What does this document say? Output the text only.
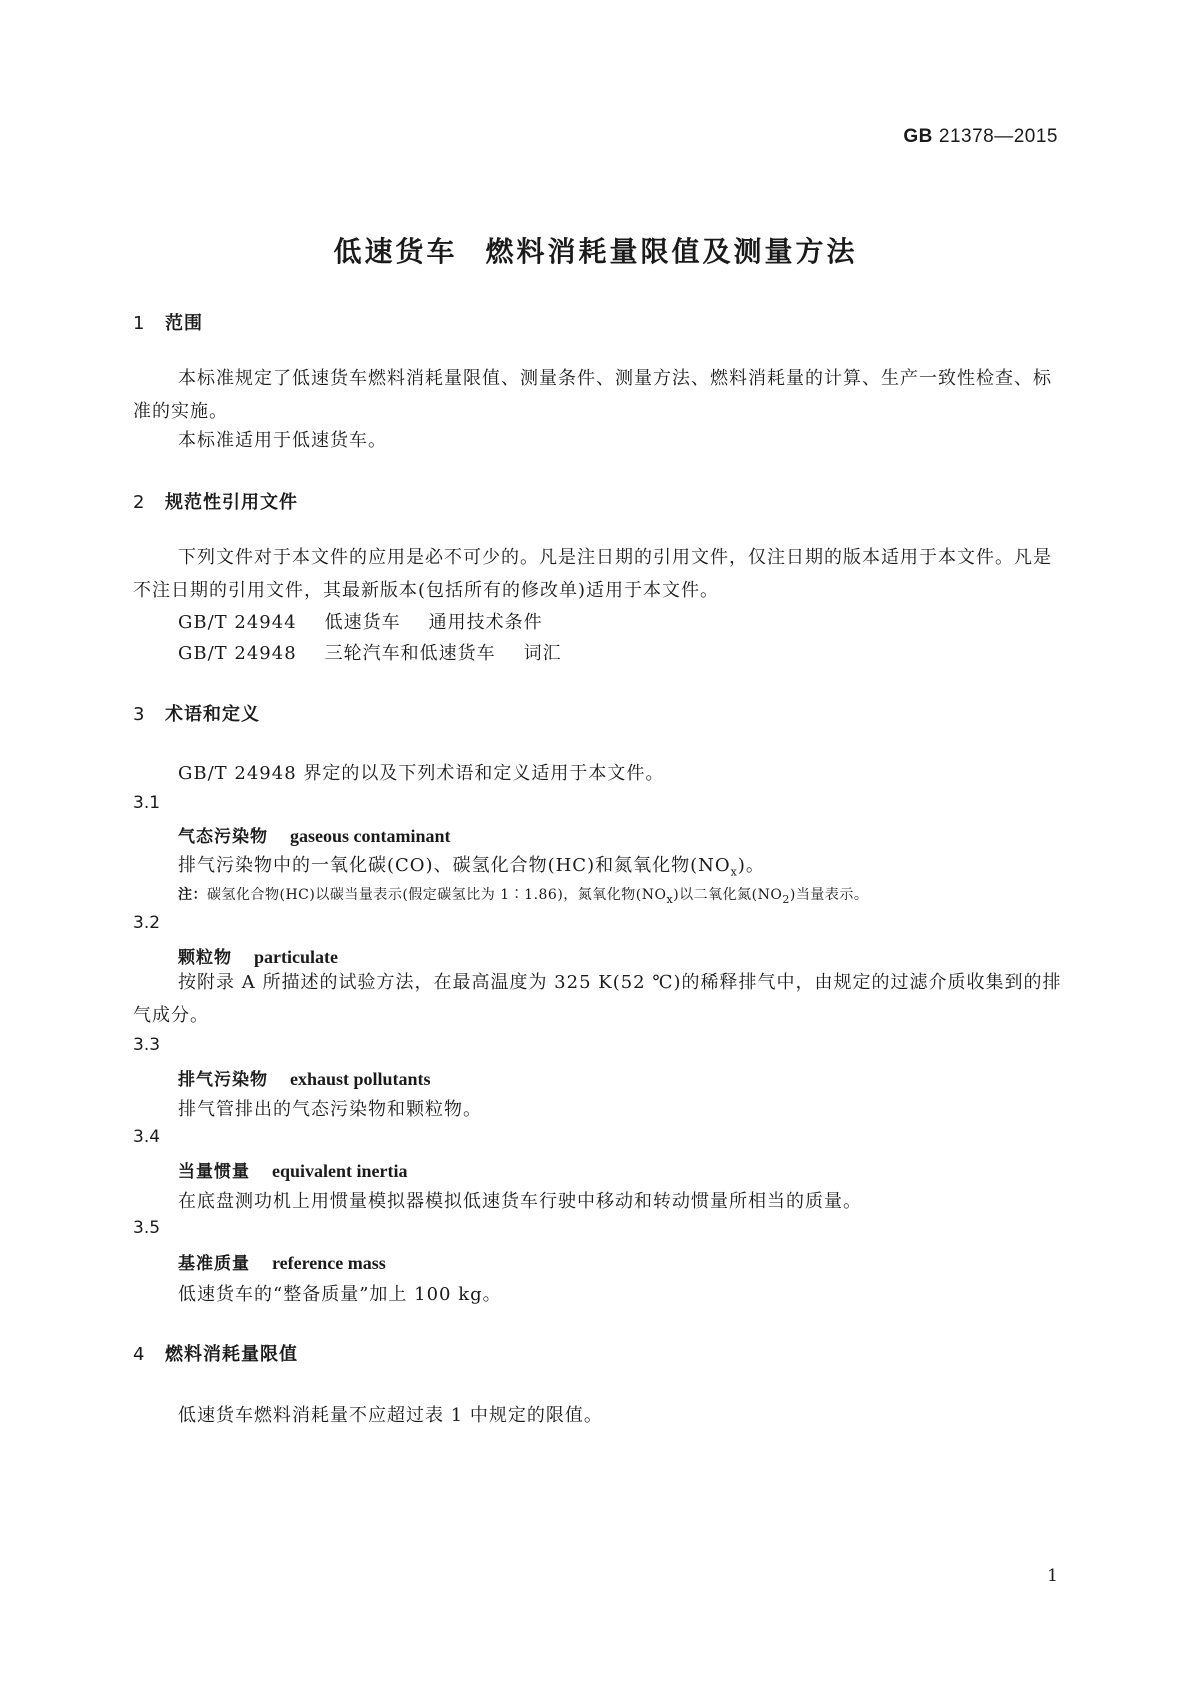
GB 21378—2015
低速货车 燃料消耗量限值及测量方法
1 范围

本标准规定了低速货车燃料消耗量限值、测量条件、测量方法、燃料消耗量的计算、生产一致性检查、标准的实施。

本标准适用于低速货车。

2 规范性引用文件

下列文件对于本文件的应用是必不可少的。凡是注日期的引用文件，仅注日期的版本适用于本文件。凡是不注日期的引用文件，其最新版本(包括所有的修改单)适用于本文件。

GB/T 24944 低速货车 通用技术条件
GB/T 24948 三轮汽车和低速货车 词汇
3 术语和定义
GB/T 24948 界定的以及下列术语和定义适用于本文件。
3.1
气态污染物 gaseous contaminant
排气污染物中的一氧化碳(CO)、碳氢化合物(HC)和氮氧化物$(NO_x)$。
注：碳氢化合物(HC)以碳当量表示(假定碳氢比为 1∶1.86)，氮氧化物$(NO_x)$以二氧化氮$(NO_2)$当量表示。
3.2
颗粒物 particulate

按附录 A 所描述的试验方法，在最高温度为 325 K(52 ℃)的稀释排气中，由规定的过滤介质收集到的排气成分。

3.3
排气污染物 exhaust pollutants
排气管排出的气态污染物和颗粒物。
3.4
当量惯量 equivalent inertia
在底盘测功机上用惯量模拟器模拟低速货车行驶中移动和转动惯量所相当的质量。
3.5
基准质量 reference mass
低速货车的“整备质量”加上 100 kg。
4 燃料消耗量限值
低速货车燃料消耗量不应超过表 1 中规定的限值。
1
